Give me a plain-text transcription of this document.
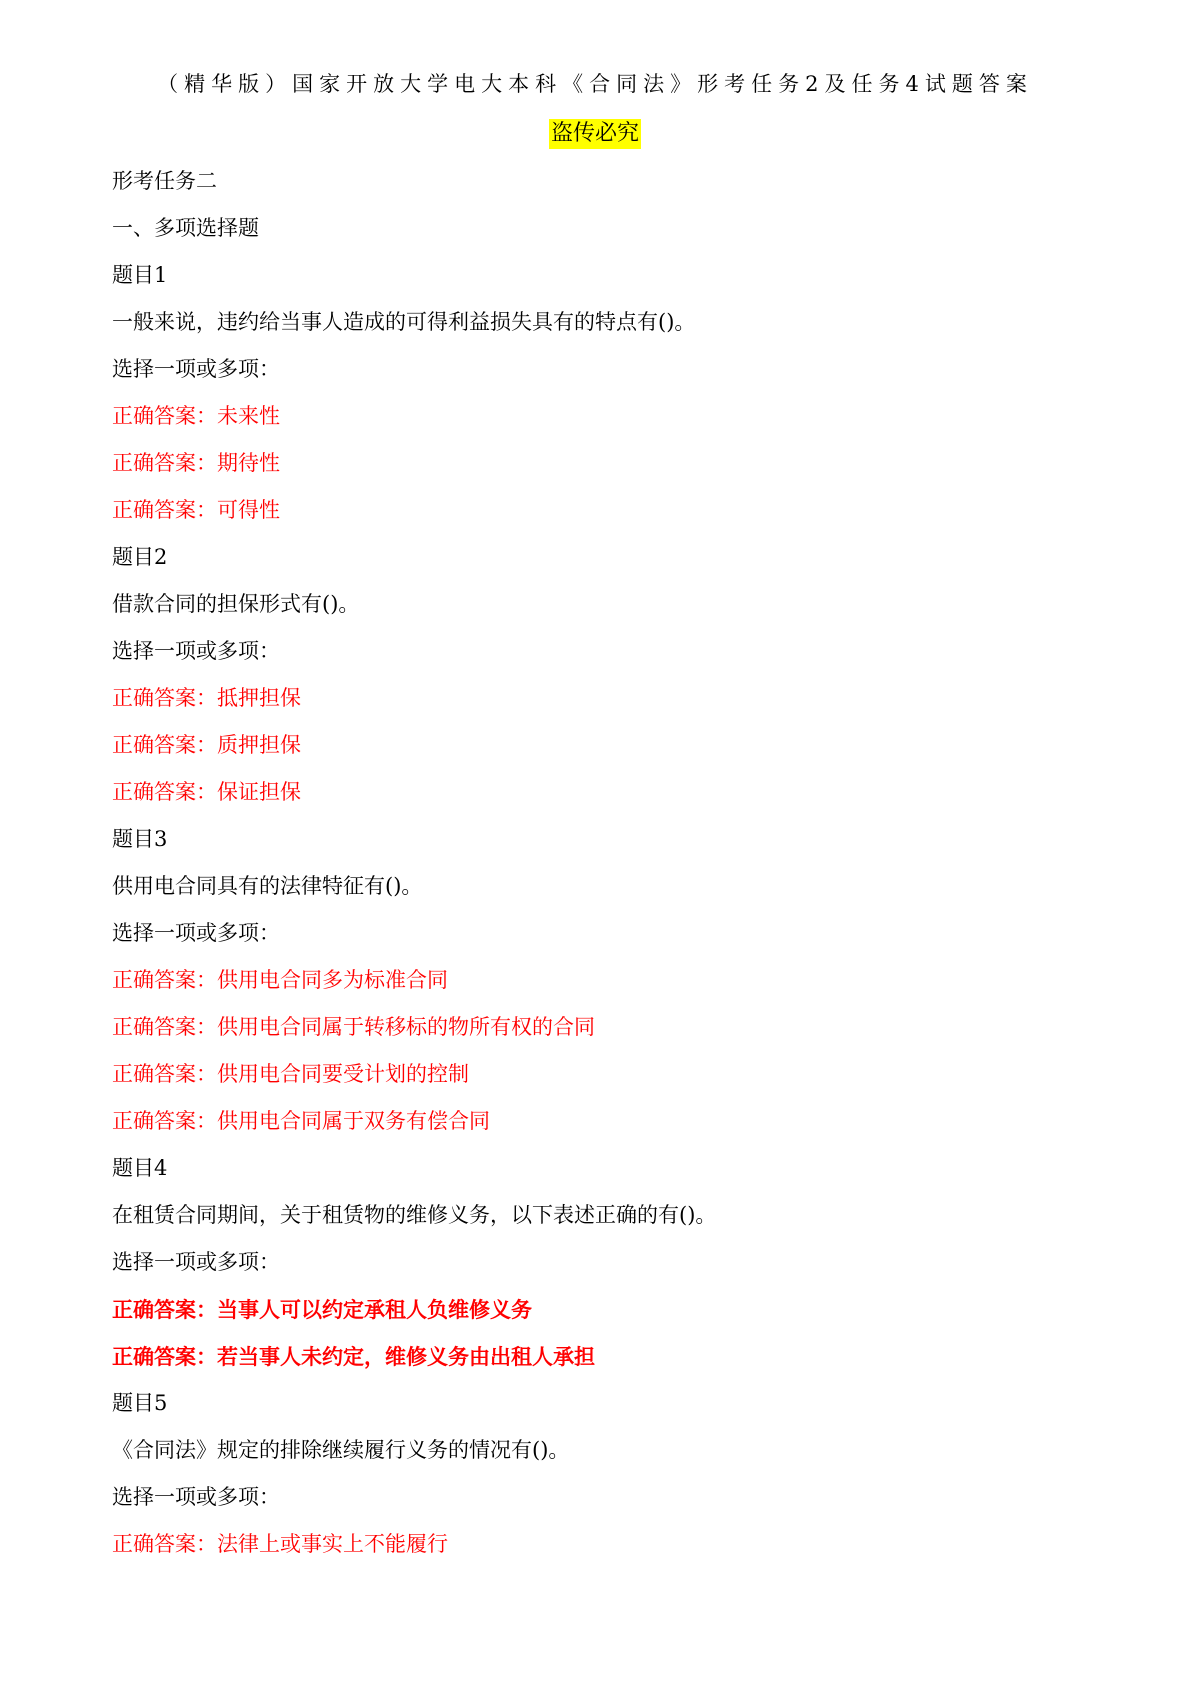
（精华版）国家开放大学电大本科《合同法》形考任务2及任务4试题答案
盗传必究
形考任务二
一、多项选择题
题目1
一般来说，违约给当事人造成的可得利益损失具有的特点有()。
选择一项或多项：
正确答案：未来性
正确答案：期待性
正确答案：可得性
题目2
借款合同的担保形式有()。
选择一项或多项：
正确答案：抵押担保
正确答案：质押担保
正确答案：保证担保
题目3
供用电合同具有的法律特征有()。
选择一项或多项：
正确答案：供用电合同多为标准合同
正确答案：供用电合同属于转移标的物所有权的合同
正确答案：供用电合同要受计划的控制
正确答案：供用电合同属于双务有偿合同
题目4
在租赁合同期间，关于租赁物的维修义务，以下表述正确的有()。
选择一项或多项：
正确答案：当事人可以约定承租人负维修义务
正确答案：若当事人未约定，维修义务由出租人承担
题目5
《合同法》规定的排除继续履行义务的情况有()。
选择一项或多项：
正确答案：法律上或事实上不能履行
